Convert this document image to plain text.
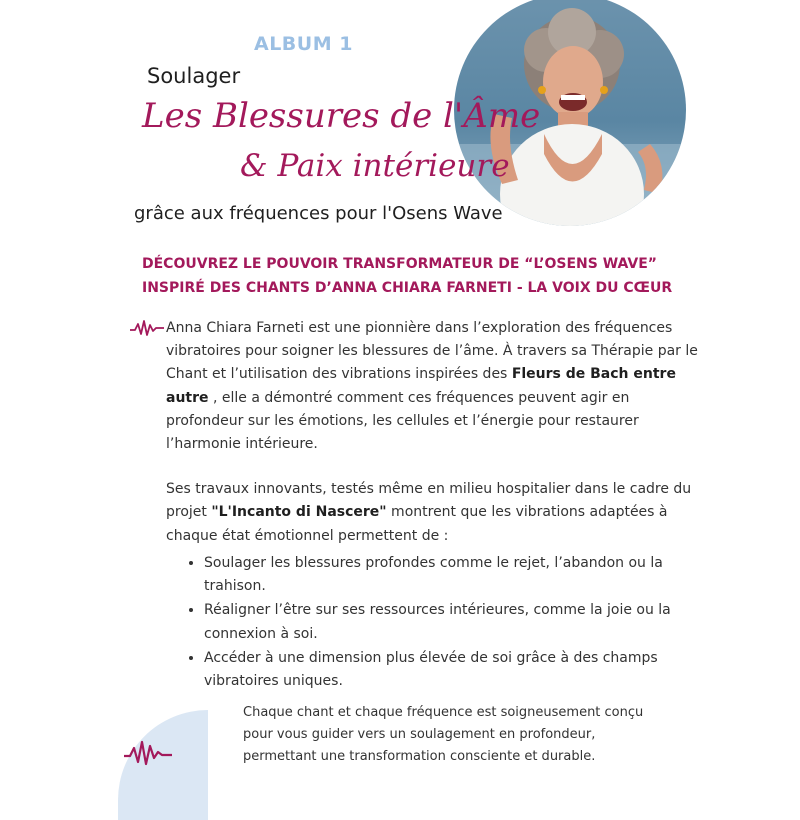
ALBUM 1
Soulager
Les Blessures de l'Âme
& Paix intérieure
grâce aux fréquences pour l'Osens Wave
DÉCOUVREZ LE POUVOIR TRANSFORMATEUR DE “L’OSENS WAVE”
INSPIRÉ DES CHANTS D’ANNA CHIARA FARNETI - LA VOIX DU CŒUR

Anna Chiara Farneti est une pionnière dans l’exploration des fréquences vibratoires pour soigner les blessures de l’âme. À travers sa Thérapie par le Chant et l’utilisation des vibrations inspirées des Fleurs de Bach entre autre , elle a démontré comment ces fréquences peuvent agir en profondeur sur les émotions, les cellules et l’énergie pour restaurer l’harmonie intérieure.

Ses travaux innovants, testés même en milieu hospitalier dans le cadre du projet "L'Incanto di Nascere" montrent que les vibrations adaptées à chaque état émotionnel permettent de :

• Soulager les blessures profondes comme le rejet, l’abandon ou la trahison.
• Réaligner l’être sur ses ressources intérieures, comme la joie ou la connexion à soi.
• Accéder à une dimension plus élevée de soi grâce à des champs vibratoires uniques.
Chaque chant et chaque fréquence est soigneusement conçu pour vous guider vers un soulagement en profondeur, permettant une transformation consciente et durable.
